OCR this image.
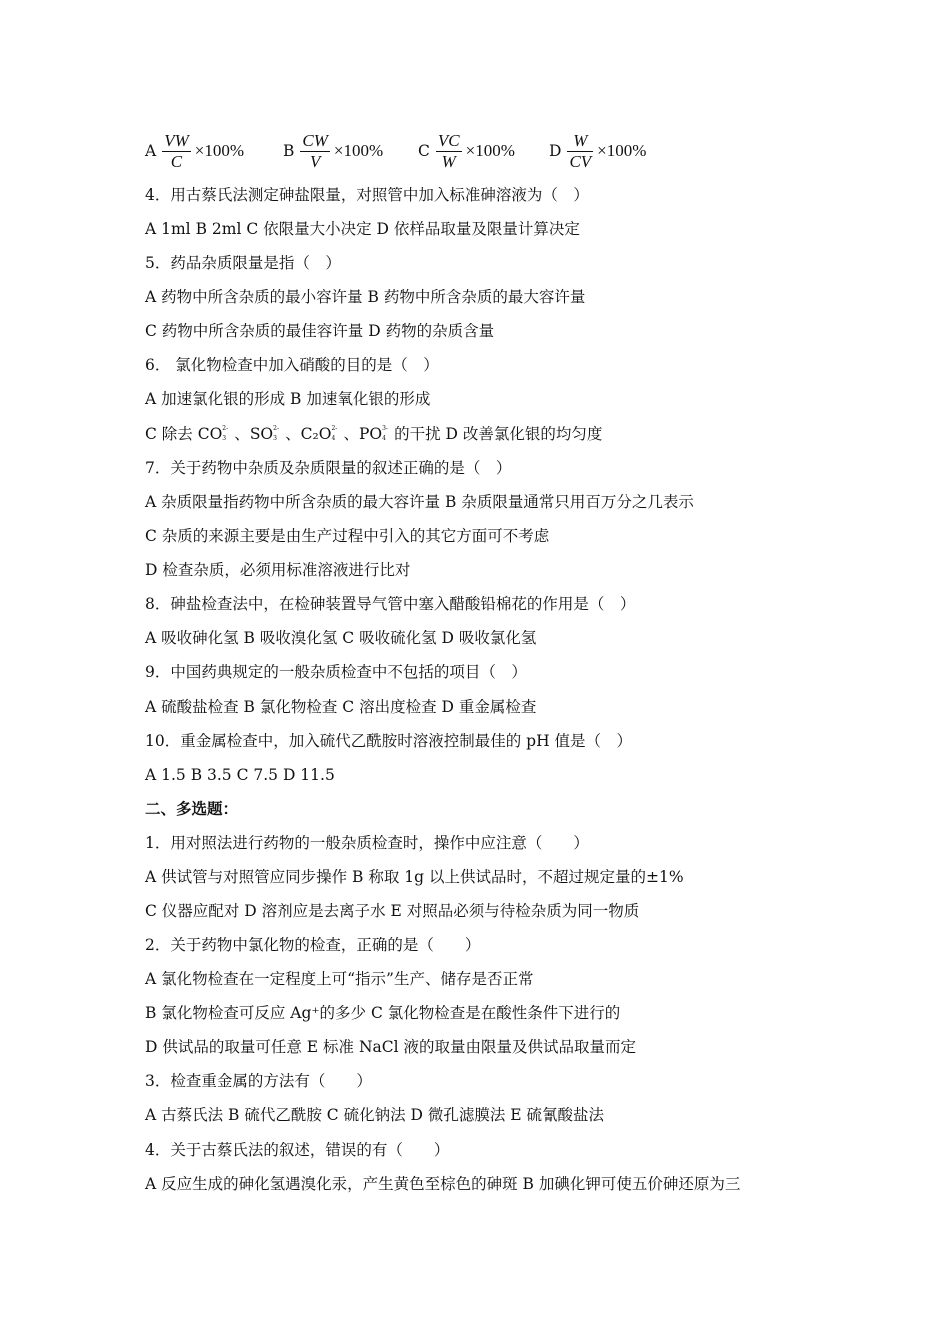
A $\frac{VW}{C} \times 100\%$	B $\frac{CW}{V} \times 100\%$ C $\frac{VC}{W} \times 100\%$ D $\frac{W}{CV} \times 100\%$
4．用古蔡氏法测定砷盐限量，对照管中加入标准砷溶液为（　）
A 1ml B 2ml C 依限量大小决定 D 依样品取量及限量计算决定
5．药品杂质限量是指（　）
A 药物中所含杂质的最小容许量 B 药物中所含杂质的最大容许量
C 药物中所含杂质的最佳容许量 D 药物的杂质含量
6． 氯化物检查中加入硝酸的目的是（　）
A 加速氯化银的形成 B 加速氧化银的形成
C 除去 CO 2-
3 、SO 2-
3 、C₂O 2-
4 、PO 3-
4 的干扰 D 改善氯化银的均匀度
7．关于药物中杂质及杂质限量的叙述正确的是（　）
A 杂质限量指药物中所含杂质的最大容许量 B 杂质限量通常只用百万分之几表示
C 杂质的来源主要是由生产过程中引入的其它方面可不考虑
D 检查杂质，必须用标准溶液进行比对
8．砷盐检查法中，在检砷装置导气管中塞入醋酸铅棉花的作用是（　）
A 吸收砷化氢 B 吸收溴化氢 C 吸收硫化氢 D 吸收氯化氢
9．中国药典规定的一般杂质检查中不包括的项目（　）
A 硫酸盐检查 B 氯化物检查 C 溶出度检查 D 重金属检查
10．重金属检查中，加入硫代乙酰胺时溶液控制最佳的 pH 值是（　）
A 1.5 B 3.5 C 7.5 D 11.5
二、多选题：
1．用对照法进行药物的一般杂质检查时，操作中应注意（　　）
A 供试管与对照管应同步操作 B 称取 1g 以上供试品时，不超过规定量的±1%
C 仪器应配对 D 溶剂应是去离子水 E 对照品必须与待检杂质为同一物质
2．关于药物中氯化物的检查，正确的是（　　）
A 氯化物检查在一定程度上可“指示”生产、储存是否正常
B 氯化物检查可反应 Ag⁺的多少 C 氯化物检查是在酸性条件下进行的
D 供试品的取量可任意 E 标准 NaCl 液的取量由限量及供试品取量而定
3．检查重金属的方法有（　　）
A 古蔡氏法 B 硫代乙酰胺 C 硫化钠法 D 微孔滤膜法 E 硫氰酸盐法
4．关于古蔡氏法的叙述，错误的有（　　）
A 反应生成的砷化氢遇溴化汞，产生黄色至棕色的砷斑 B 加碘化钾可使五价砷还原为三
